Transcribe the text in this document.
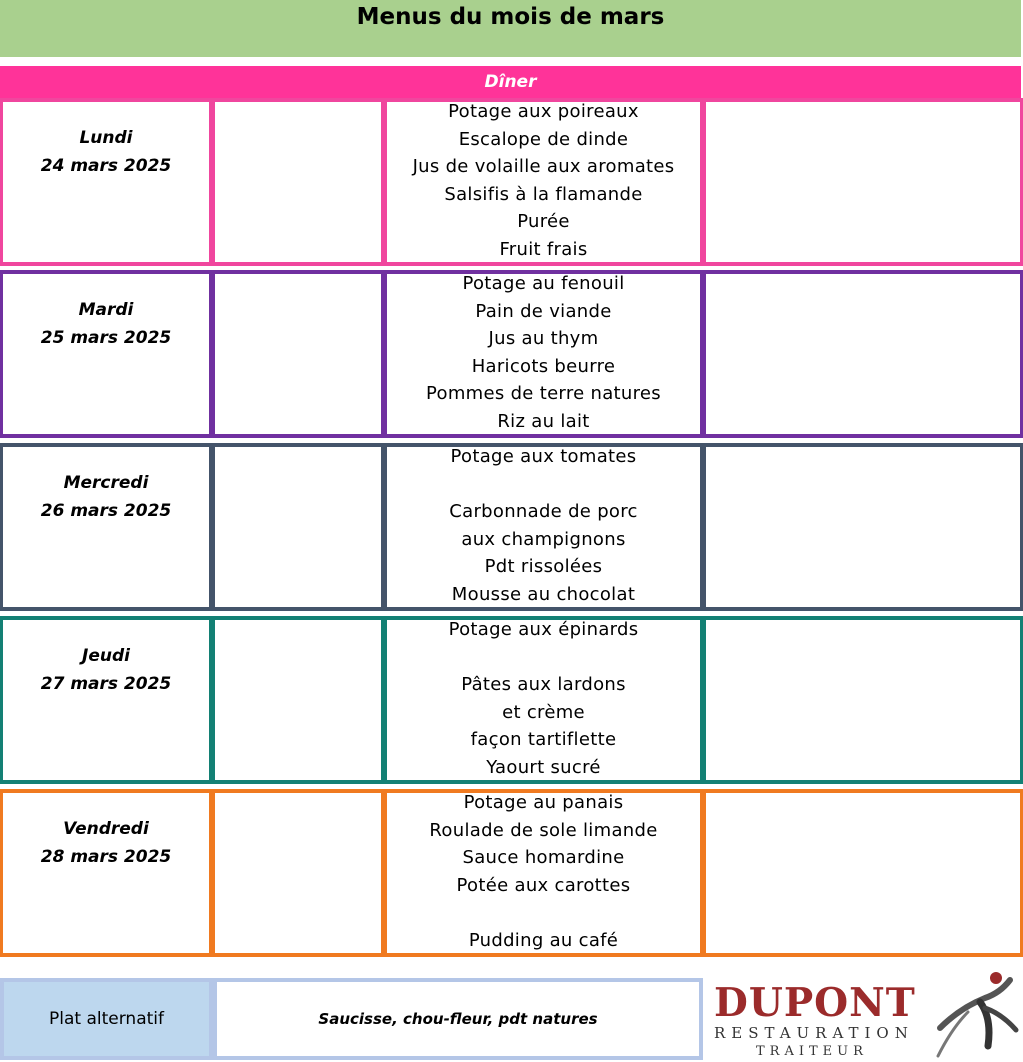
Menus du mois de mars
Dîner
Lundi
24 mars 2025
Potage aux poireaux
Escalope de dinde
Jus de volaille aux aromates
Salsifis à la flamande
Purée
Fruit frais
Mardi
25 mars 2025
Potage au fenouil
Pain de viande
Jus au thym
Haricots beurre
Pommes de terre natures
Riz au lait
Mercredi
26 mars 2025
Potage aux tomates
Carbonnade de porc
aux champignons
Pdt rissolées
Mousse au chocolat
Jeudi
27 mars 2025
Potage aux épinards
Pâtes aux lardons
et crème
façon tartiflette
Yaourt sucré
Vendredi
28 mars 2025
Potage au panais
Roulade de sole limande
Sauce homardine
Potée aux carottes
Pudding au café
Plat alternatif	Saucisse, chou-fleur, pdt natures	DUPONT
RESTAURATION
TRAITEUR
